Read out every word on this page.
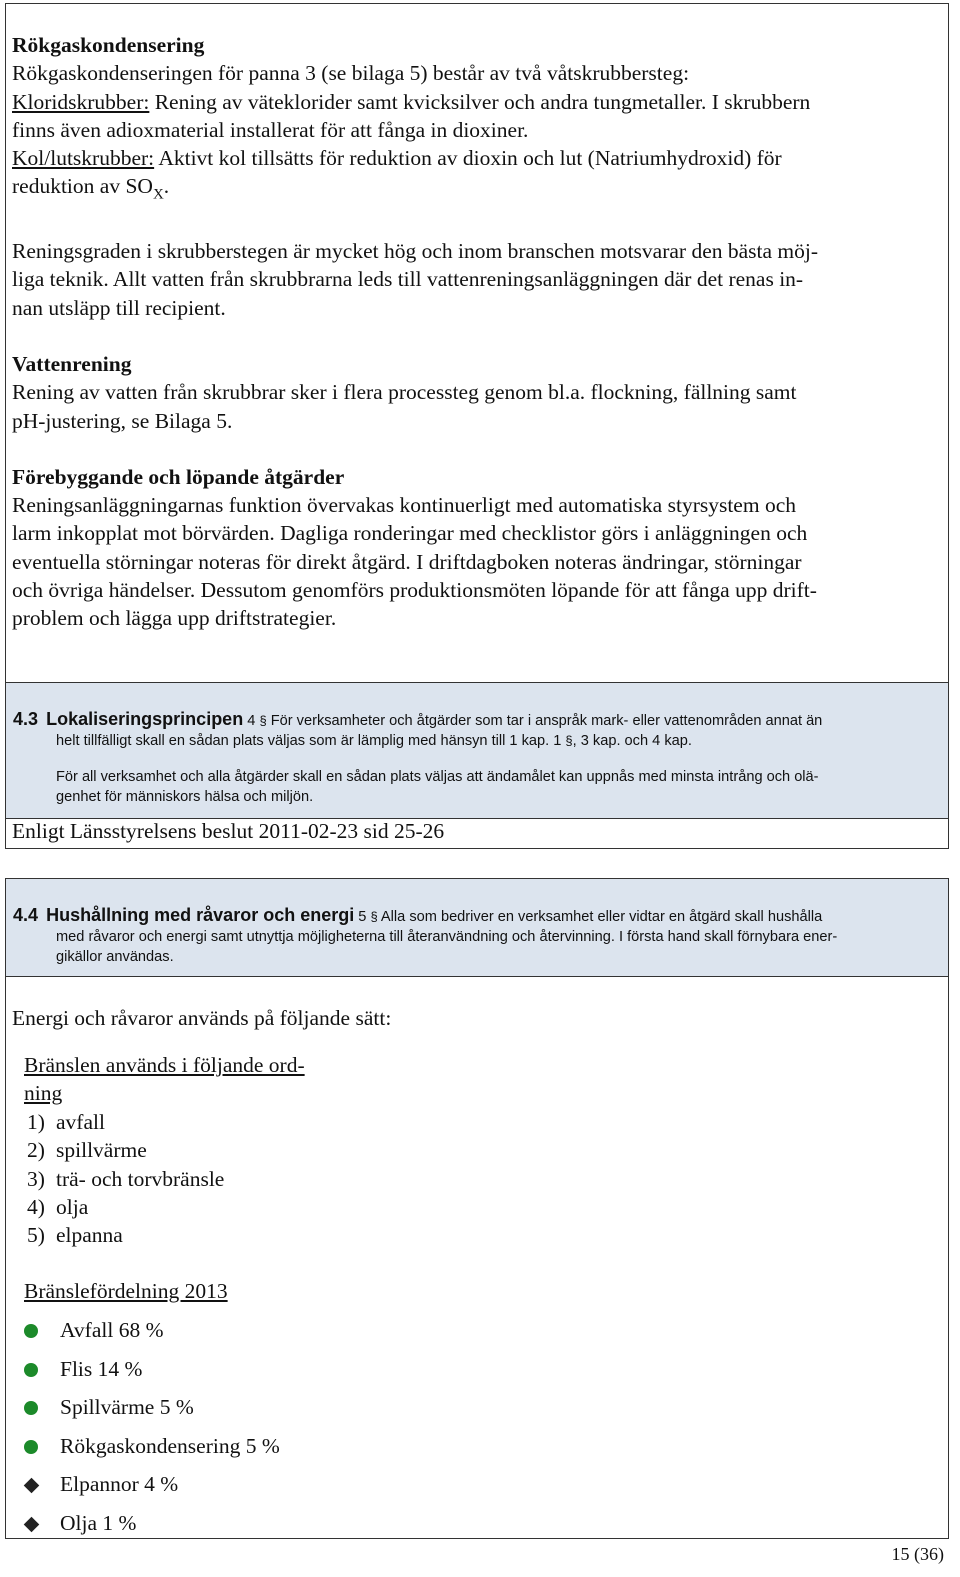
Rökgaskondensering

Rökgaskondenseringen för panna 3 (se bilaga 5) består av två våtskrubbersteg:

Kloridskrubber: Rening av väteklorider samt kvicksilver och andra tungmetaller. I skrubbern

finns även adioxmaterial installerat för att fånga in dioxiner.

Kol/lutskrubber: Aktivt kol tillsätts för reduktion av dioxin och lut (Natriumhydroxid) för

reduktion av $SO_X$.

Reningsgraden i skrubberstegen är mycket hög och inom branschen motsvarar den bästa möj-

liga teknik. Allt vatten från skrubbrarna leds till vattenreningsanläggningen där det renas in-

nan utsläpp till recipient.

Vattenrening

Rening av vatten från skrubbrar sker i flera processteg genom bl.a. flockning, fällning samt

pH-justering, se Bilaga 5.

Förebyggande och löpande åtgärder

Reningsanläggningarnas funktion övervakas kontinuerligt med automatiska styrsystem och

larm inkopplat mot börvärden. Dagliga ronderingar med checklistor görs i anläggningen och

eventuella störningar noteras för direkt åtgärd. I driftdagboken noteras ändringar, störningar

och övriga händelser. Dessutom genomförs produktionsmöten löpande för att fånga upp drift-

problem och lägga upp driftstrategier.

4.3 Lokaliseringsprincipen 4 § För verksamheter och åtgärder som tar i anspråk mark- eller vattenområden annat än
helt tillfälligt skall en sådan plats väljas som är lämplig med hänsyn till 1 kap. 1 §, 3 kap. och 4 kap.
För all verksamhet och alla åtgärder skall en sådan plats väljas att ändamålet kan uppnås med minsta intrång och olä-
genhet för människors hälsa och miljön.
Enligt Länsstyrelsens beslut 2011-02-23 sid 25-26
4.4 Hushållning med råvaror och energi 5 § Alla som bedriver en verksamhet eller vidtar en åtgärd skall hushålla
med råvaror och energi samt utnyttja möjligheterna till återanvändning och återvinning. I första hand skall förnybara ener-
gikällor användas.
Energi och råvaror används på följande sätt:
Bränslen används i följande ord-
ning
1) avfall
2) spillvärme
3) trä- och torvbränsle
4) olja
5) elpanna
Bränslefördelning 2013
Avfall 68 %
Flis 14 %
Spillvärme 5 %
Rökgaskondensering 5 %
Elpannor 4 %
Olja 1 %
15 (36)
